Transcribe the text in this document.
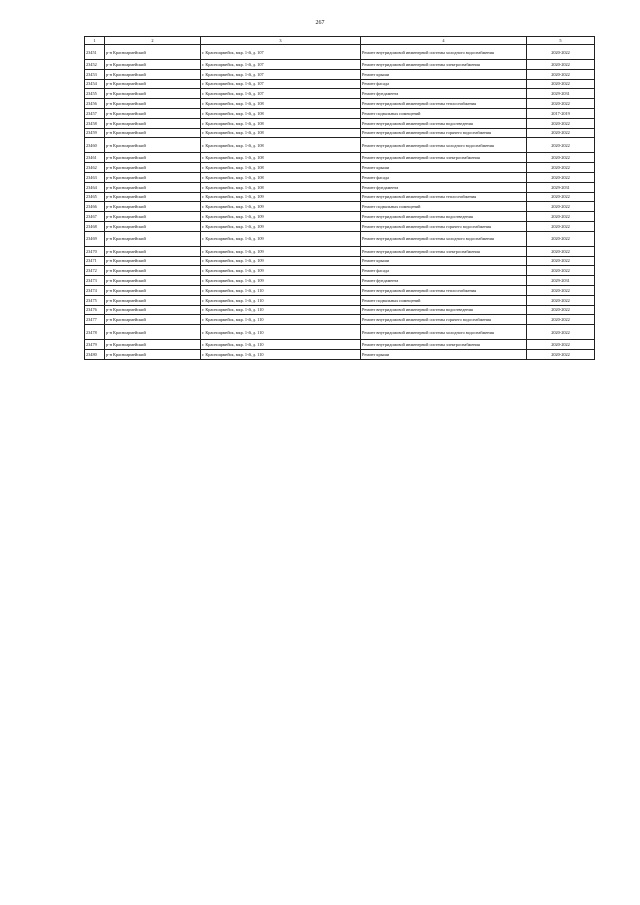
267
1	2	3	4	5
23451	р-н Красноармейский	г. Красноармейск, мкр. 1-й, д. 107	Ремонт внутридомовой инженерной системы холодного водоснабжения	2020-2022
23452	р-н Красноармейский	г. Красноармейск, мкр. 1-й, д. 107	Ремонт внутридомовой инженерной системы электроснабжения	2020-2022
23453	р-н Красноармейский	г. Красноармейск, мкр. 1-й, д. 107	Ремонт крыши	2020-2022
23454	р-н Красноармейский	г. Красноармейск, мкр. 1-й, д. 107	Ремонт фасада	2020-2022
23455	р-н Красноармейский	г. Красноармейск, мкр. 1-й, д. 107	Ремонт фундамента	2029-2031
23456	р-н Красноармейский	г. Красноармейск, мкр. 1-й, д. 108	Ремонт внутридомовой инженерной системы теплоснабжения	2020-2022
23457	р-н Красноармейский	г. Красноармейск, мкр. 1-й, д. 108	Ремонт подвальных помещений	2017-2019
23458	р-н Красноармейский	г. Красноармейск, мкр. 1-й, д. 108	Ремонт внутридомовой инженерной системы водоотведения	2020-2022
23459	р-н Красноармейский	г. Красноармейск, мкр. 1-й, д. 108	Ремонт внутридомовой инженерной системы горячего водоснабжения	2020-2022
23460	р-н Красноармейский	г. Красноармейск, мкр. 1-й, д. 108	Ремонт внутридомовой инженерной системы холодного водоснабжения	2020-2022
23461	р-н Красноармейский	г. Красноармейск, мкр. 1-й, д. 108	Ремонт внутридомовой инженерной системы электроснабжения	2020-2022
23462	р-н Красноармейский	г. Красноармейск, мкр. 1-й, д. 108	Ремонт крыши	2020-2022
23463	р-н Красноармейский	г. Красноармейск, мкр. 1-й, д. 108	Ремонт фасада	2020-2022
23464	р-н Красноармейский	г. Красноармейск, мкр. 1-й, д. 108	Ремонт фундамента	2029-2031
23465	р-н Красноармейский	г. Красноармейск, мкр. 1-й, д. 109	Ремонт внутридомовой инженерной системы теплоснабжения	2020-2022
23466	р-н Красноармейский	г. Красноармейск, мкр. 1-й, д. 109	Ремонт подвальных помещений	2020-2022
23467	р-н Красноармейский	г. Красноармейск, мкр. 1-й, д. 109	Ремонт внутридомовой инженерной системы водоотведения	2020-2022
23468	р-н Красноармейский	г. Красноармейск, мкр. 1-й, д. 109	Ремонт внутридомовой инженерной системы горячего водоснабжения	2020-2022
23469	р-н Красноармейский	г. Красноармейск, мкр. 1-й, д. 109	Ремонт внутридомовой инженерной системы холодного водоснабжения	2020-2022
23470	р-н Красноармейский	г. Красноармейск, мкр. 1-й, д. 109	Ремонт внутридомовой инженерной системы электроснабжения	2020-2022
23471	р-н Красноармейский	г. Красноармейск, мкр. 1-й, д. 109	Ремонт крыши	2020-2022
23472	р-н Красноармейский	г. Красноармейск, мкр. 1-й, д. 109	Ремонт фасада	2020-2022
23473	р-н Красноармейский	г. Красноармейск, мкр. 1-й, д. 109	Ремонт фундамента	2029-2031
23474	р-н Красноармейский	г. Красноармейск, мкр. 1-й, д. 110	Ремонт внутридомовой инженерной системы теплоснабжения	2020-2022
23475	р-н Красноармейский	г. Красноармейск, мкр. 1-й, д. 110	Ремонт подвальных помещений	2020-2022
23476	р-н Красноармейский	г. Красноармейск, мкр. 1-й, д. 110	Ремонт внутридомовой инженерной системы водоотведения	2020-2022
23477	р-н Красноармейский	г. Красноармейск, мкр. 1-й, д. 110	Ремонт внутридомовой инженерной системы горячего водоснабжения	2020-2022
23478	р-н Красноармейский	г. Красноармейск, мкр. 1-й, д. 110	Ремонт внутридомовой инженерной системы холодного водоснабжения	2020-2022
23479	р-н Красноармейский	г. Красноармейск, мкр. 1-й, д. 110	Ремонт внутридомовой инженерной системы электроснабжения	2020-2022
23480	р-н Красноармейский	г. Красноармейск, мкр. 1-й, д. 110	Ремонт крыши	2020-2022
